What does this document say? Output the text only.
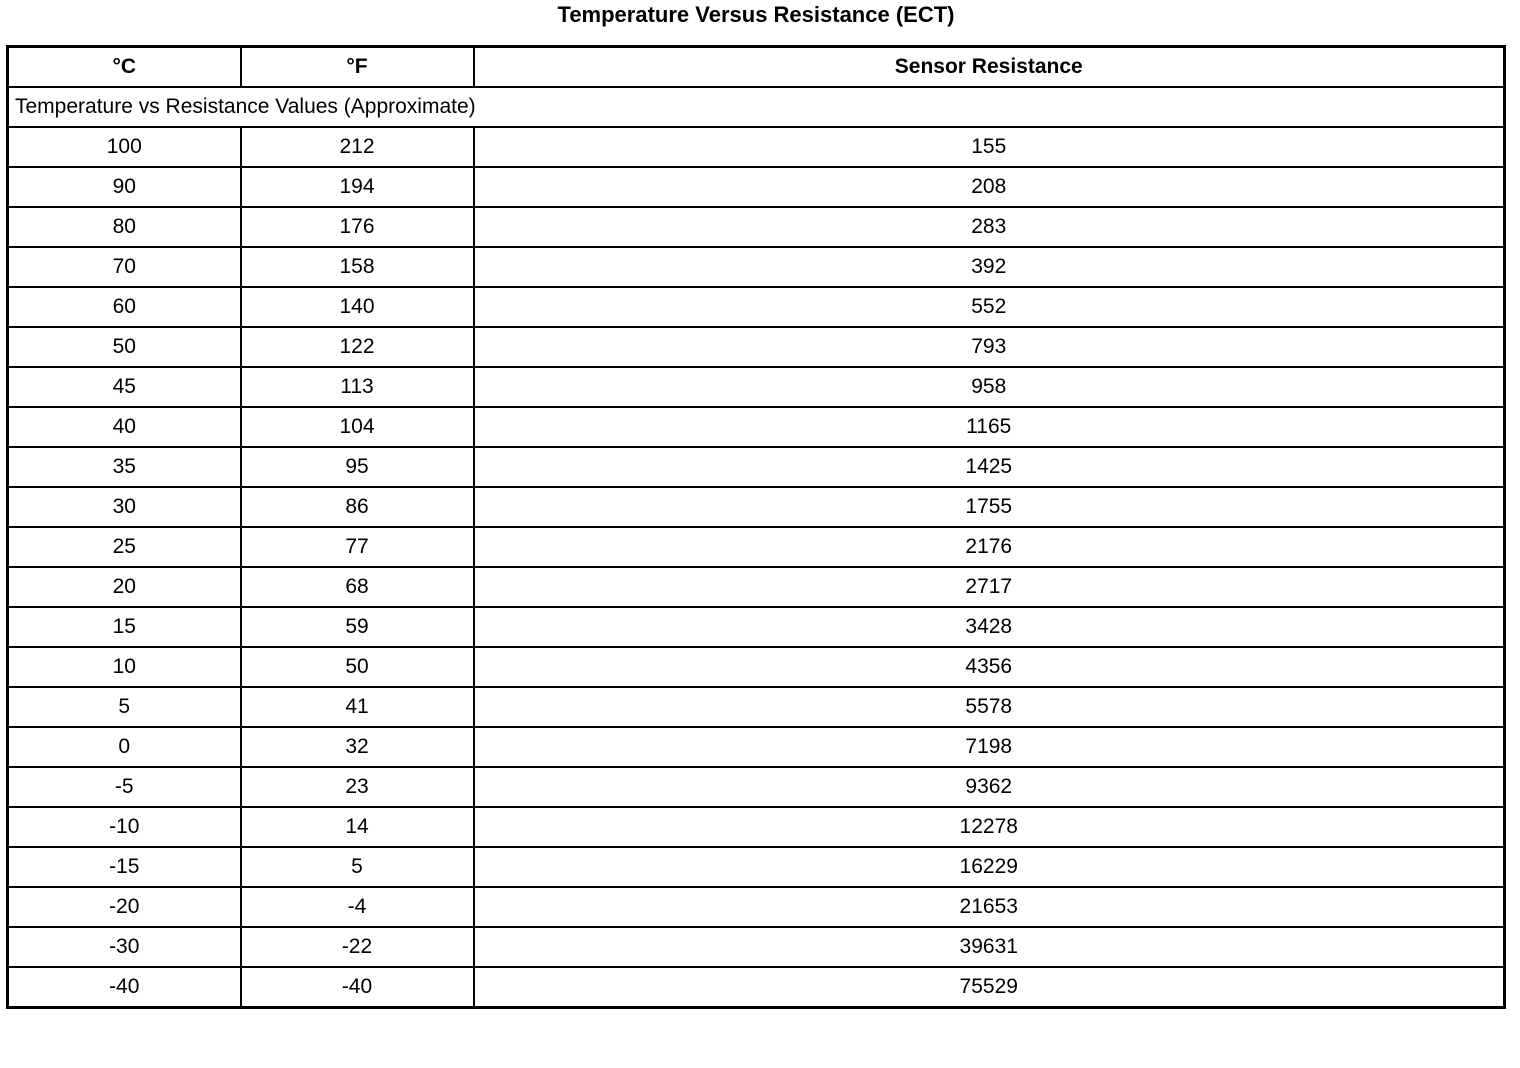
Temperature Versus Resistance (ECT)
°C	°F	Sensor Resistance
Temperature vs Resistance Values (Approximate)		
100	212	155
90	194	208
80	176	283
70	158	392
60	140	552
50	122	793
45	113	958
40	104	1165
35	95	1425
30	86	1755
25	77	2176
20	68	2717
15	59	3428
10	50	4356
5	41	5578
0	32	7198
-5	23	9362
-10	14	12278
-15	5	16229
-20	-4	21653
-30	-22	39631
-40	-40	75529
